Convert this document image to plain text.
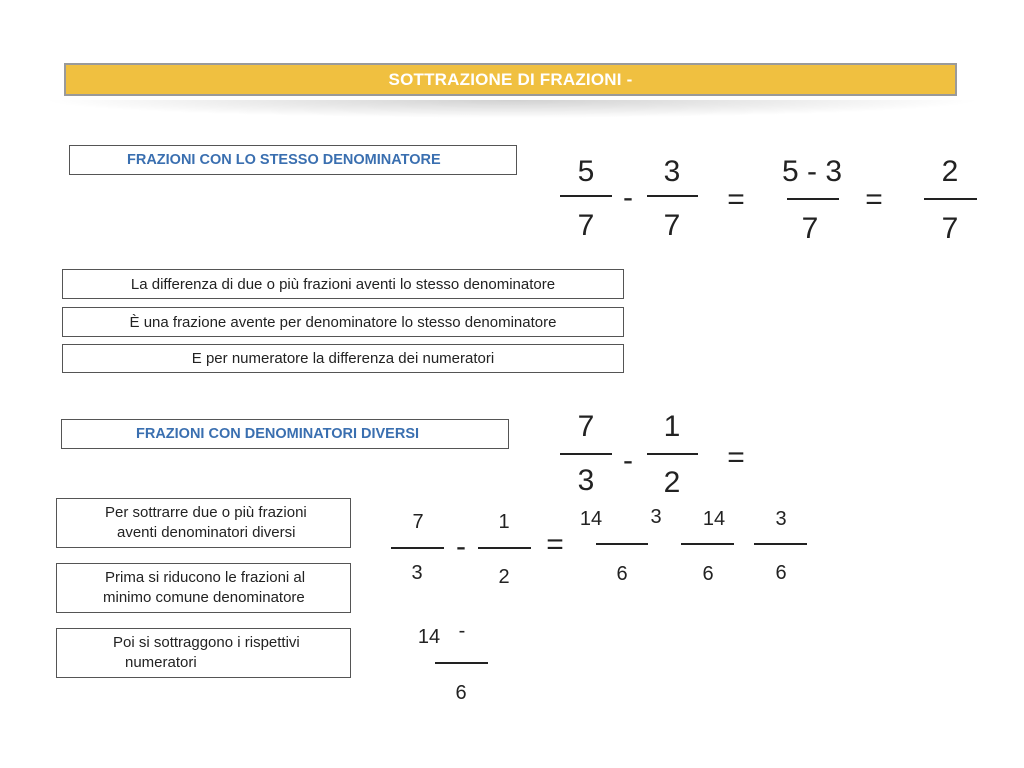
SOTTRAZIONE DI FRAZIONI -
FRAZIONI CON LO STESSO DENOMINATORE
La differenza di due o più frazioni aventi lo stesso denominatore
È una frazione avente per denominatore lo stesso denominatore
E per numeratore la differenza dei numeratori
5
7
-
3
7
=
5 - 3
7
=
2
7
FRAZIONI CON DENOMINATORI DIVERSI	7
3
-
1
2
=
Per sottrarre due o più frazioni
aventi denominatori diversi
Prima si riducono le frazioni al
minimo comune denominatore
Poi si sottraggono i rispettivi
numeratori
7
3
-
1
2
=
14
6
3 14
6
3
6
14 -
6
